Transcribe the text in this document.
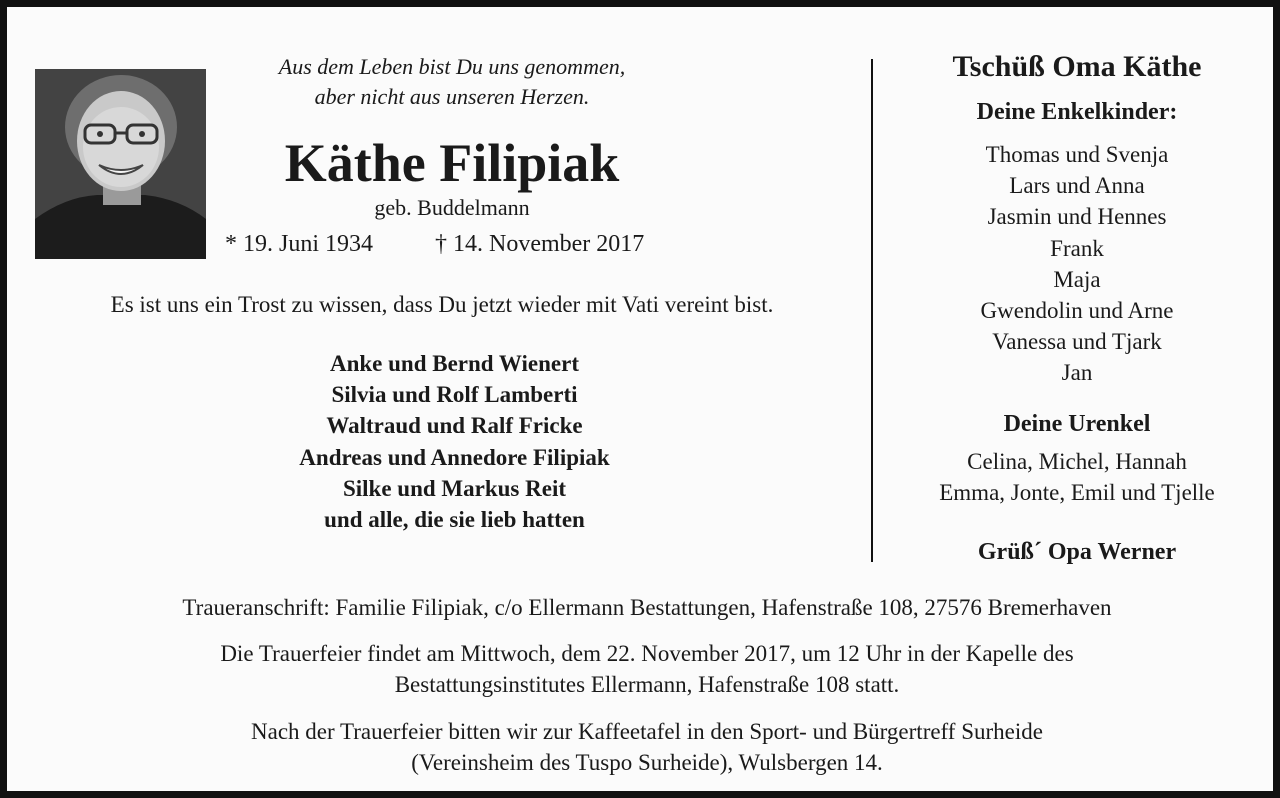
Aus dem Leben bist Du uns genommen,
aber nicht aus unseren Herzen.
Käthe Filipiak
geb. Buddelmann
* 19. Juni 1934	† 14. November 2017
Es ist uns ein Trost zu wissen, dass Du jetzt wieder mit Vati vereint bist.
Anke und Bernd Wienert
Silvia und Rolf Lamberti
Waltraud und Ralf Fricke
Andreas und Annedore Filipiak
Silke und Markus Reit
und alle, die sie lieb hatten
Tschüß Oma Käthe
Deine Enkelkinder:
Thomas und Svenja
Lars und Anna
Jasmin und Hennes
Frank
Maja
Gwendolin und Arne
Vanessa und Tjark
Jan
Deine Urenkel
Celina, Michel, Hannah
Emma, Jonte, Emil und Tjelle
Grüß´ Opa Werner
Traueranschrift: Familie Filipiak, c/o Ellermann Bestattungen, Hafenstraße 108, 27576 Bremerhaven
Die Trauerfeier findet am Mittwoch, dem 22. November 2017, um 12 Uhr in der Kapelle des
Bestattungsinstitutes Ellermann, Hafenstraße 108 statt.
Nach der Trauerfeier bitten wir zur Kaffeetafel in den Sport- und Bürgertreff Surheide
(Vereinsheim des Tuspo Surheide), Wulsbergen 14.
